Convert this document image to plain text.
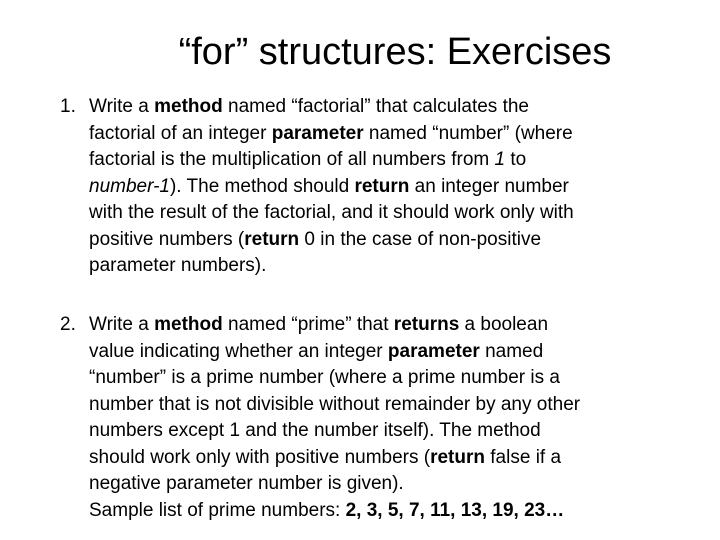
“for” structures: Exercises
1. Write a method named “factorial” that calculates the
factorial of an integer parameter named “number” (where
factorial is the multiplication of all numbers from 1 to
number-1). The method should return an integer number
with the result of the factorial, and it should work only with
positive numbers (return 0 in the case of non-positive
parameter numbers).
2. Write a method named “prime” that returns a boolean
value indicating whether an integer parameter named
“number” is a prime number (where a prime number is a
number that is not divisible without remainder by any other
numbers except 1 and the number itself). The method
should work only with positive numbers (return false if a
negative parameter number is given).
Sample list of prime numbers: 2, 3, 5, 7, 11, 13, 19, 23…
